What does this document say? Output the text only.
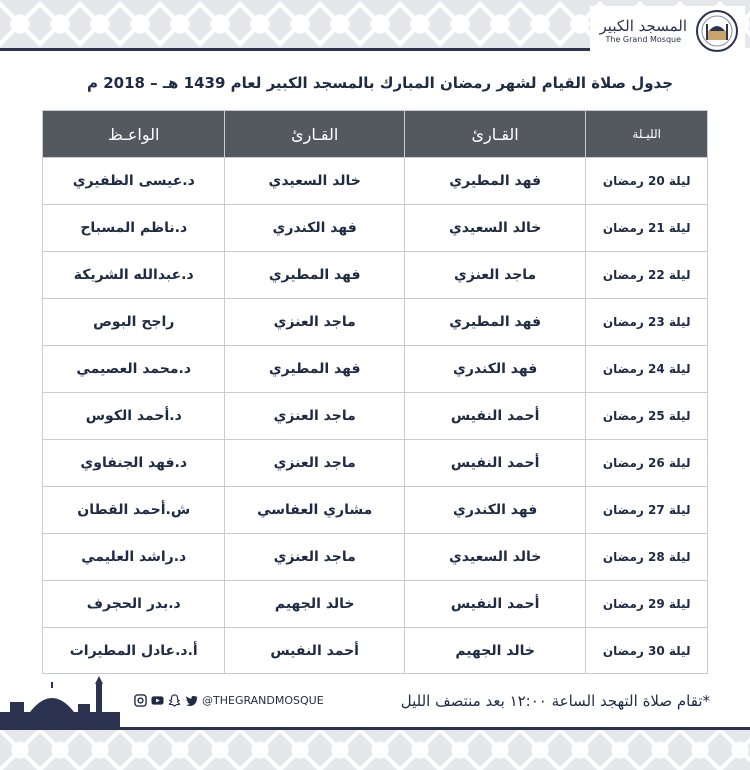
المسجد الكبير
The Grand Mosque
جدول صلاة القيام لشهر رمضان المبارك بالمسجد الكبير لعام 1439 هـ – 2018 م
الليـلة
القـارئ
القـارئ
الواعـظ
ليلة 20 رمضان
فهد المطيري
خالد السعيدي
د.عيسى الظفيري
ليلة 21 رمضان
خالد السعيدي
فهد الكندري
د.ناظم المسباح
ليلة 22 رمضان
ماجد العنزي
فهد المطيري
د.عبدالله الشريكة
ليلة 23 رمضان
فهد المطيري
ماجد العنزي
راجح البوص
ليلة 24 رمضان
فهد الكندري
فهد المطيري
د.محمد العصيمي
ليلة 25 رمضان
أحمد النفيس
ماجد العنزي
د.أحمد الكوس
ليلة 26 رمضان
أحمد النفيس
ماجد العنزي
د.فهد الجنفاوي
ليلة 27 رمضان
فهد الكندري
مشاري العفاسي
ش.أحمد القطان
ليلة 28 رمضان
خالد السعيدي
ماجد العنزي
د.راشد العليمي
ليلة 29 رمضان
أحمد النفيس
خالد الجهيم
د.بدر الحجرف
ليلة 30 رمضان
خالد الجهيم
أحمد النفيس
أ.د.عادل المطيرات
*تقام صلاة التهجد الساعة ١٢:٠٠ بعد منتصف الليل
@THEGRANDMOSQUE
